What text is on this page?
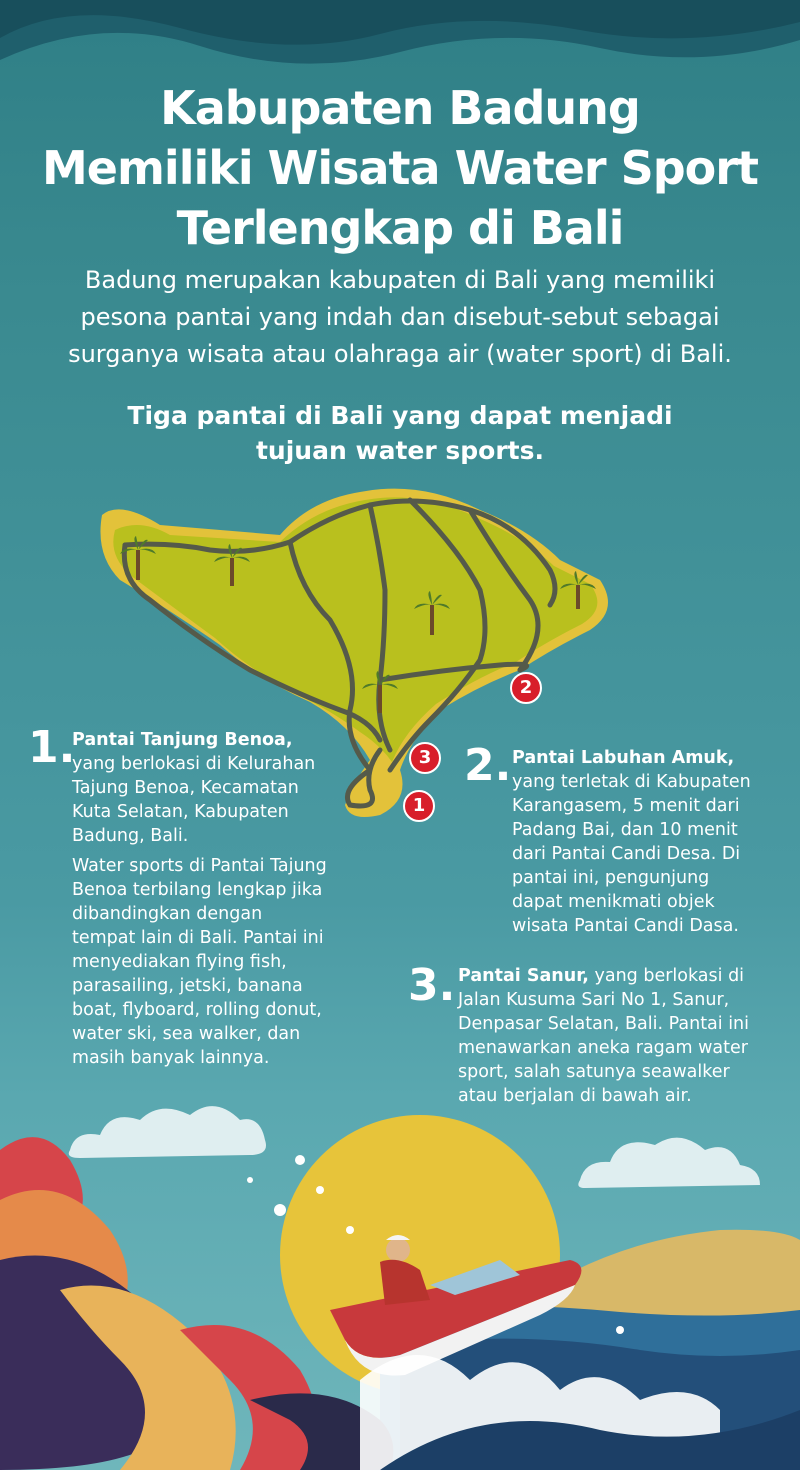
Kabupaten Badung
Memiliki Wisata Water Sport
Terlengkap di Bali
Badung merupakan kabupaten di Bali yang memiliki
pesona pantai yang indah dan disebut-sebut sebagai
surganya wisata atau olahraga air (water sport) di Bali.
Tiga pantai di Bali yang dapat menjadi
tujuan water sports.
2
3
1
1.

Pantai Tanjung Benoa,
yang berlokasi di Kelurahan
Tajung Benoa, Kecamatan
Kuta Selatan, Kabupaten
Badung, Bali.

Water sports di Pantai Tajung
Benoa terbilang lengkap jika
dibandingkan dengan
tempat lain di Bali. Pantai ini
menyediakan flying fish,
parasailing, jetski, banana
boat, flyboard, rolling donut,
water ski, sea walker, dan
masih banyak lainnya.

2. Pantai Labuhan Amuk,
yang terletak di Kabupaten
Karangasem, 5 menit dari
Padang Bai, dan 10 menit
dari Pantai Candi Desa. Di
pantai ini, pengunjung
dapat menikmati objek
wisata Pantai Candi Dasa.

3. Pantai Sanur, yang berlokasi di
Jalan Kusuma Sari No 1, Sanur,
Denpasar Selatan, Bali. Pantai ini
menawarkan aneka ragam water
sport, salah satunya seawalker
atau berjalan di bawah air.
